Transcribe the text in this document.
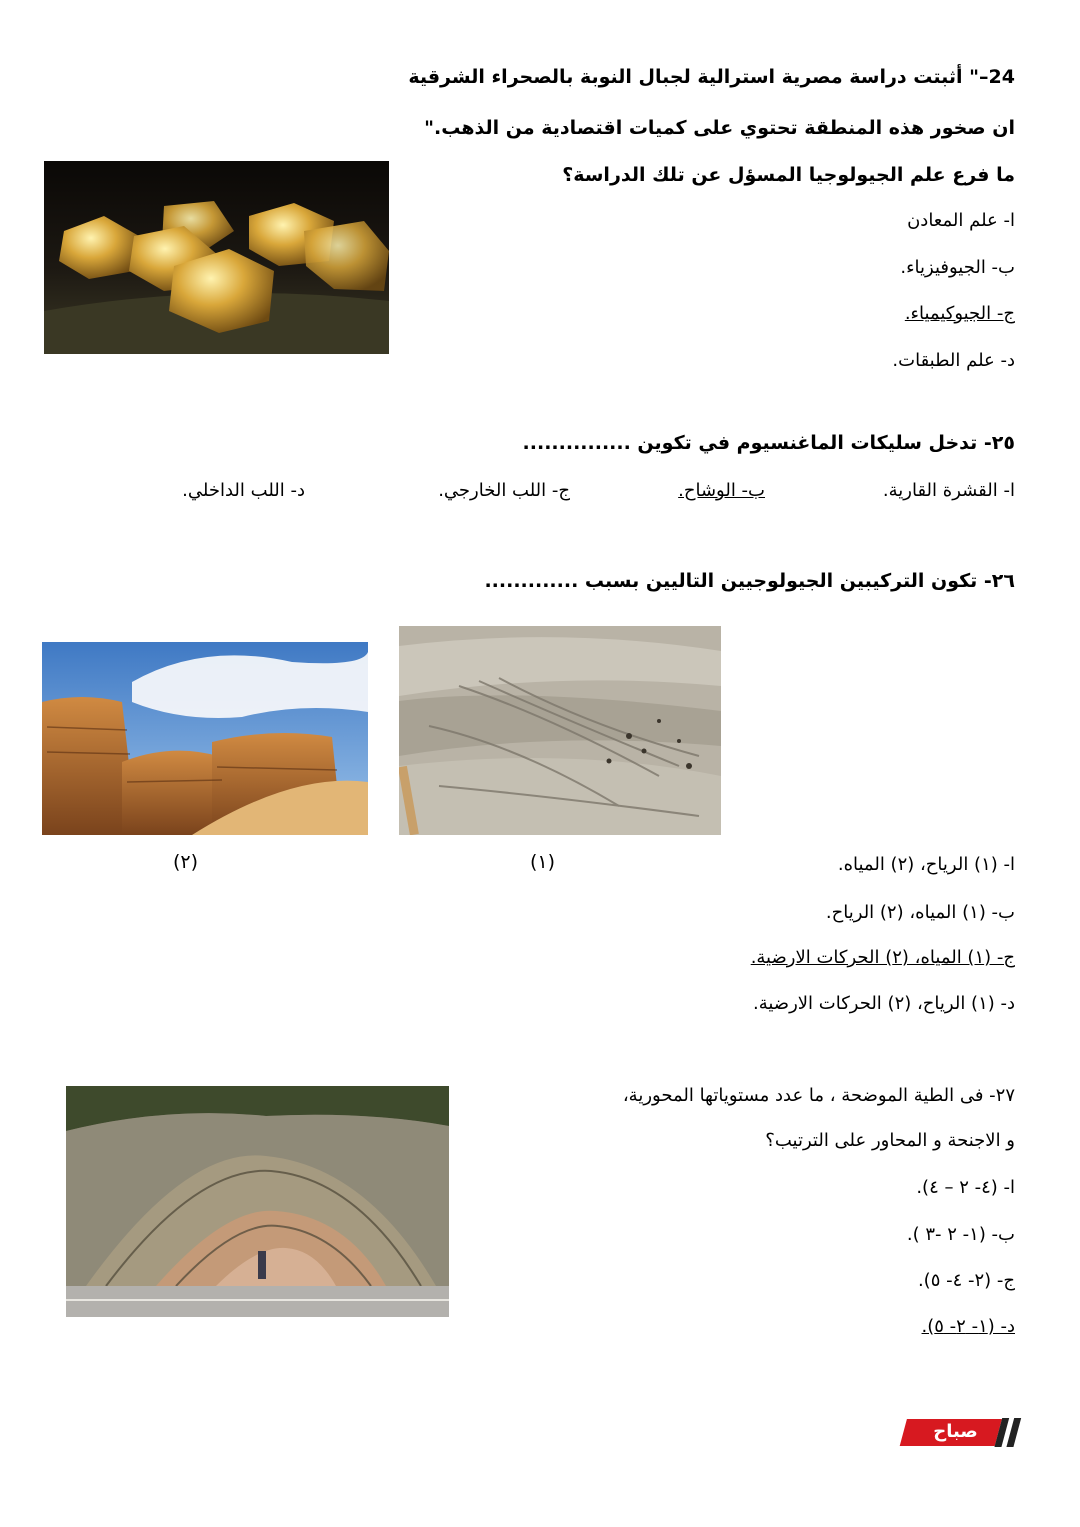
24–" أثبتت دراسة مصرية استرالية لجبال النوبة بالصحراء الشرقية
ان صخور هذه المنطقة تحتوي على كميات اقتصادية من الذهب."
ما فرع علم الجيولوجيا المسؤل عن تلك الدراسة؟
ا- علم المعادن
ب- الجيوفيزياء.
ج- الجيوكيمياء.
د- علم الطبقات.
٢٥- تدخل سليكات الماغنسيوم في تكوين ...............
ا- القشرة القارية.
ب- الوشاح.
ج- اللب الخارجي.
د- اللب الداخلي.
٢٦- تكون التركيبين الجيولوجيين التاليين بسبب .............
(١)
(٢)	ا- (١) الرياح، (٢) المياه.
ب- (١) المياه، (٢) الرياح.
ج- (١) المياه، (٢) الحركات الارضية.
د- (١) الرياح، (٢) الحركات الارضية.
٢٧- فى الطية الموضحة ، ما عدد مستوياتها المحورية،
و الاجنحة و المحاور على الترتيب؟
ا- (٤- ٢ – ٤).
ب- (١- ٢ -٣ ).
ج- (٢- ٤- ٥).
د- (١- ٢- ٥).
صباح مصر
